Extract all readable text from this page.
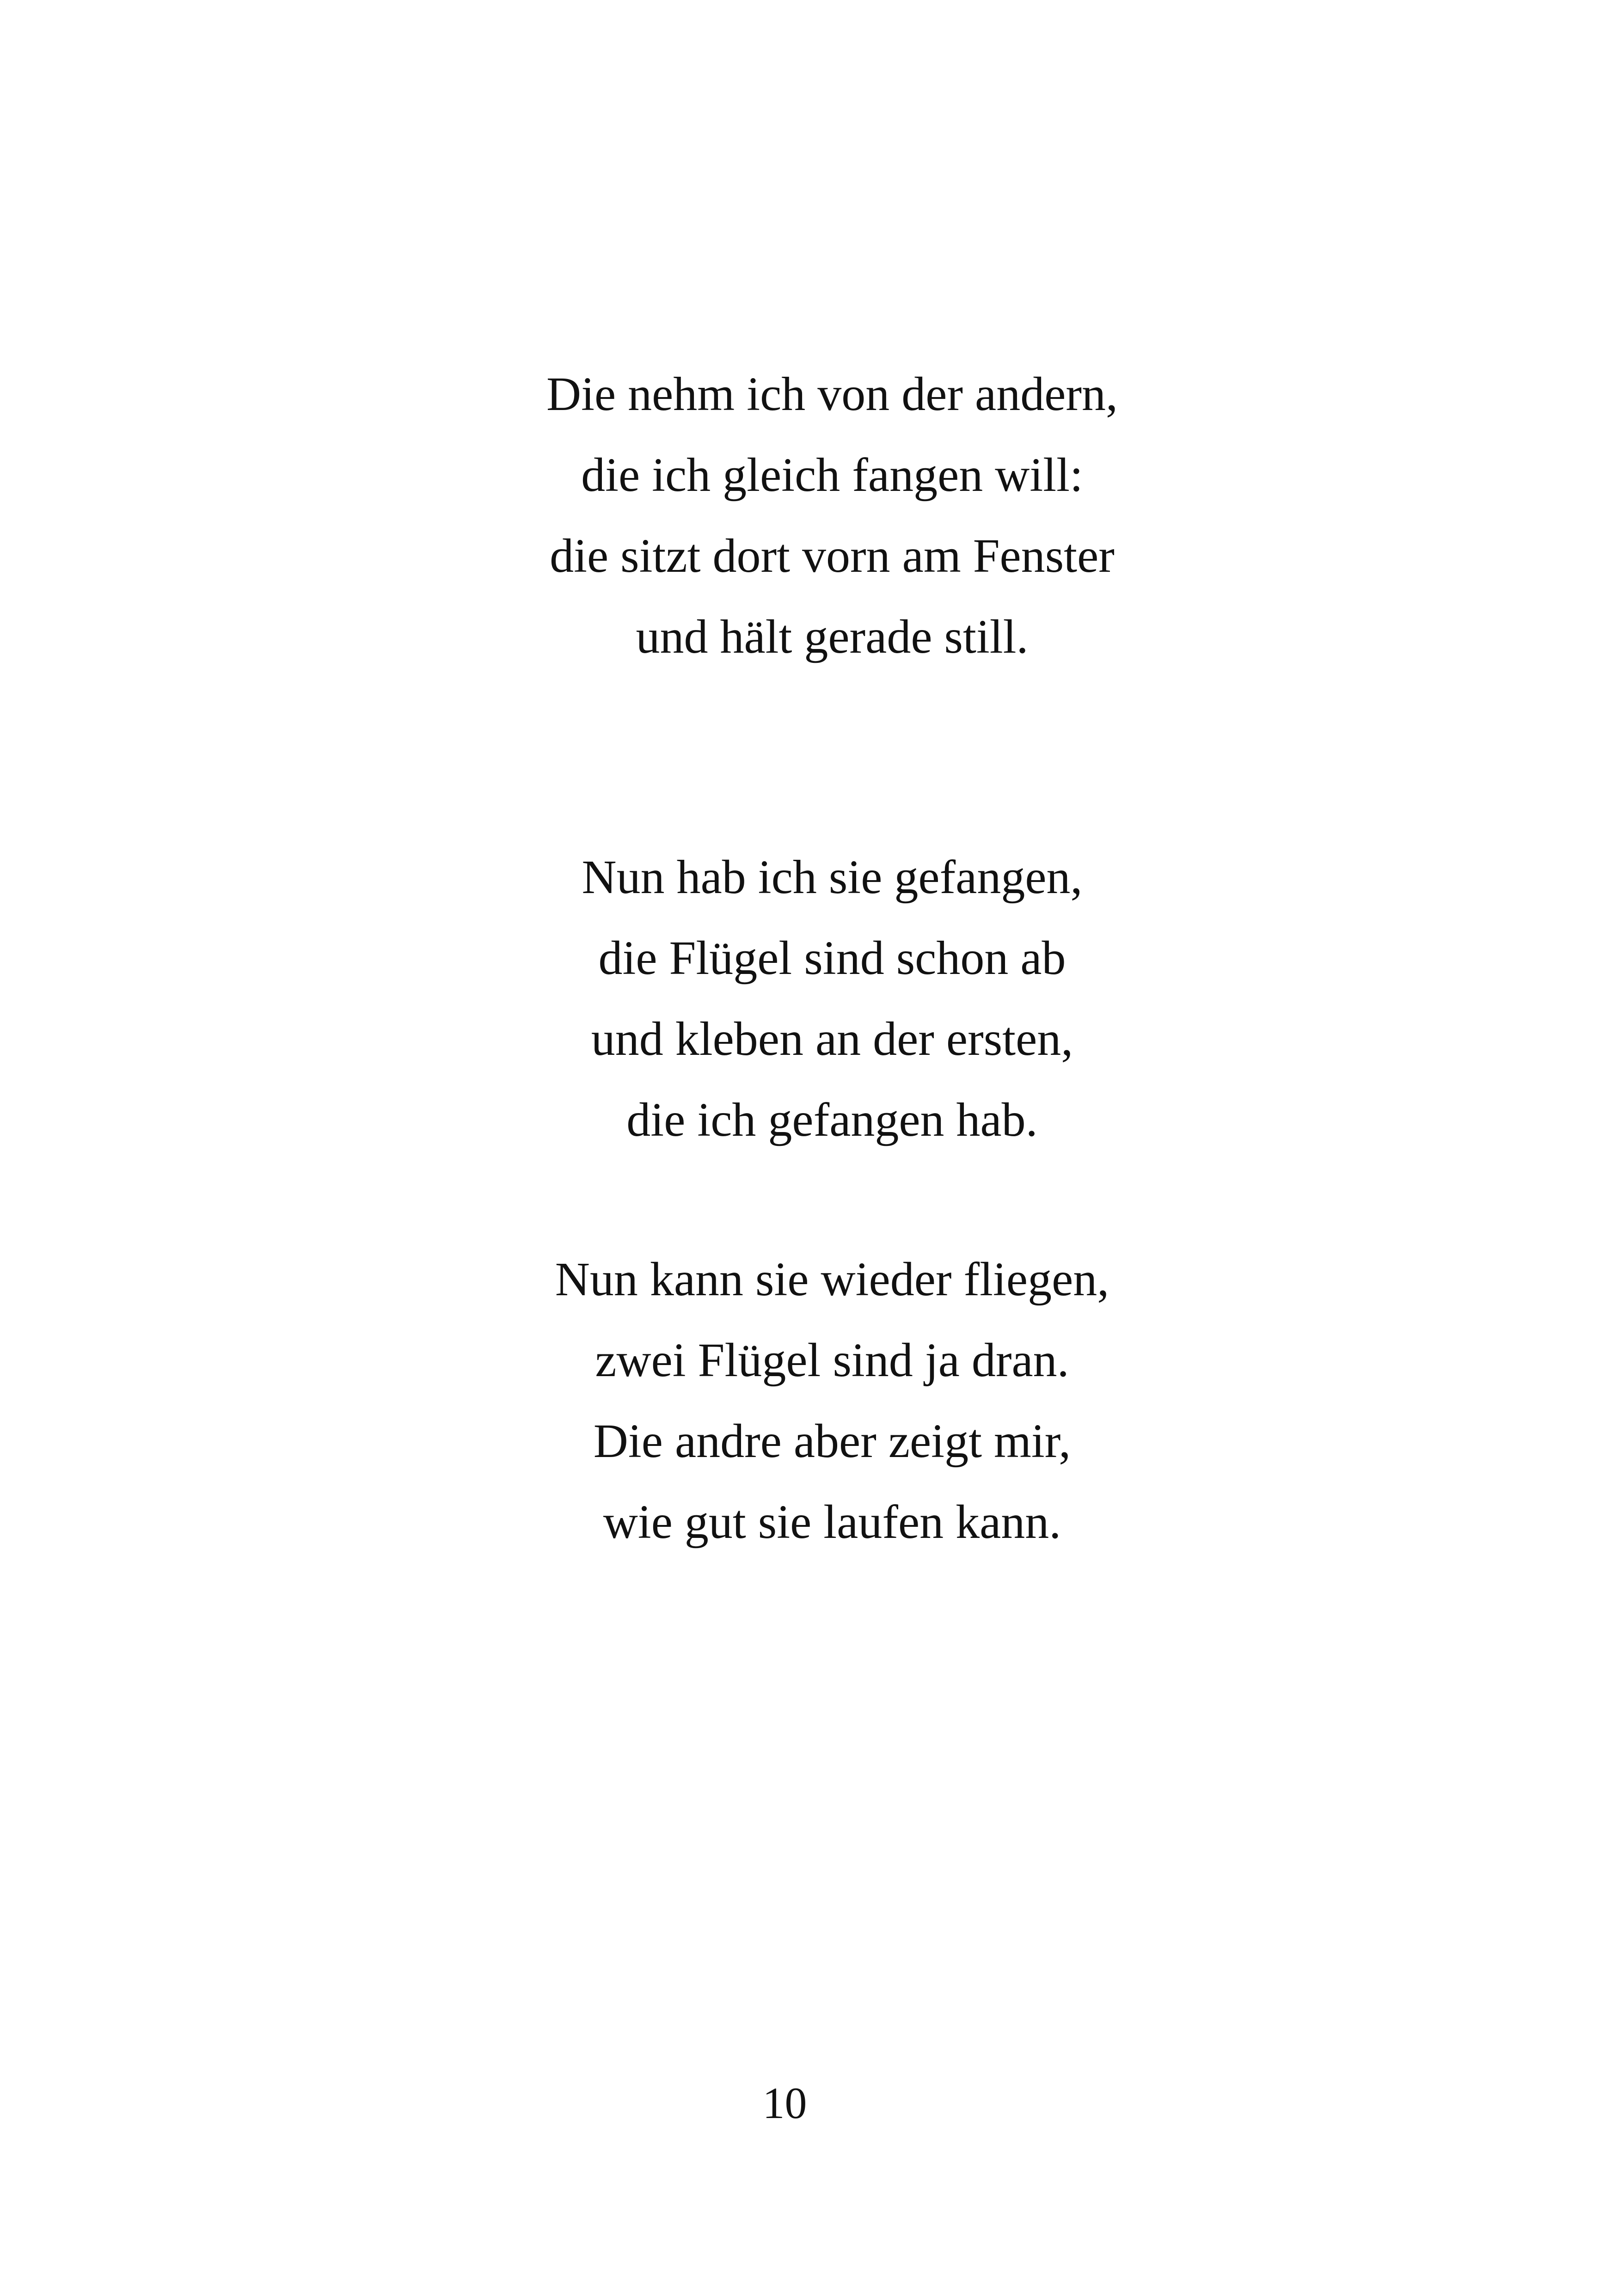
Die nehm ich von der andern,
die ich gleich fangen will:
die sitzt dort vorn am Fenster
und hält gerade still.
Nun hab ich sie gefangen,
die Flügel sind schon ab
und kleben an der ersten,
die ich gefangen hab.
Nun kann sie wieder fliegen,
zwei Flügel sind ja dran.
Die andre aber zeigt mir,
wie gut sie laufen kann.
10
